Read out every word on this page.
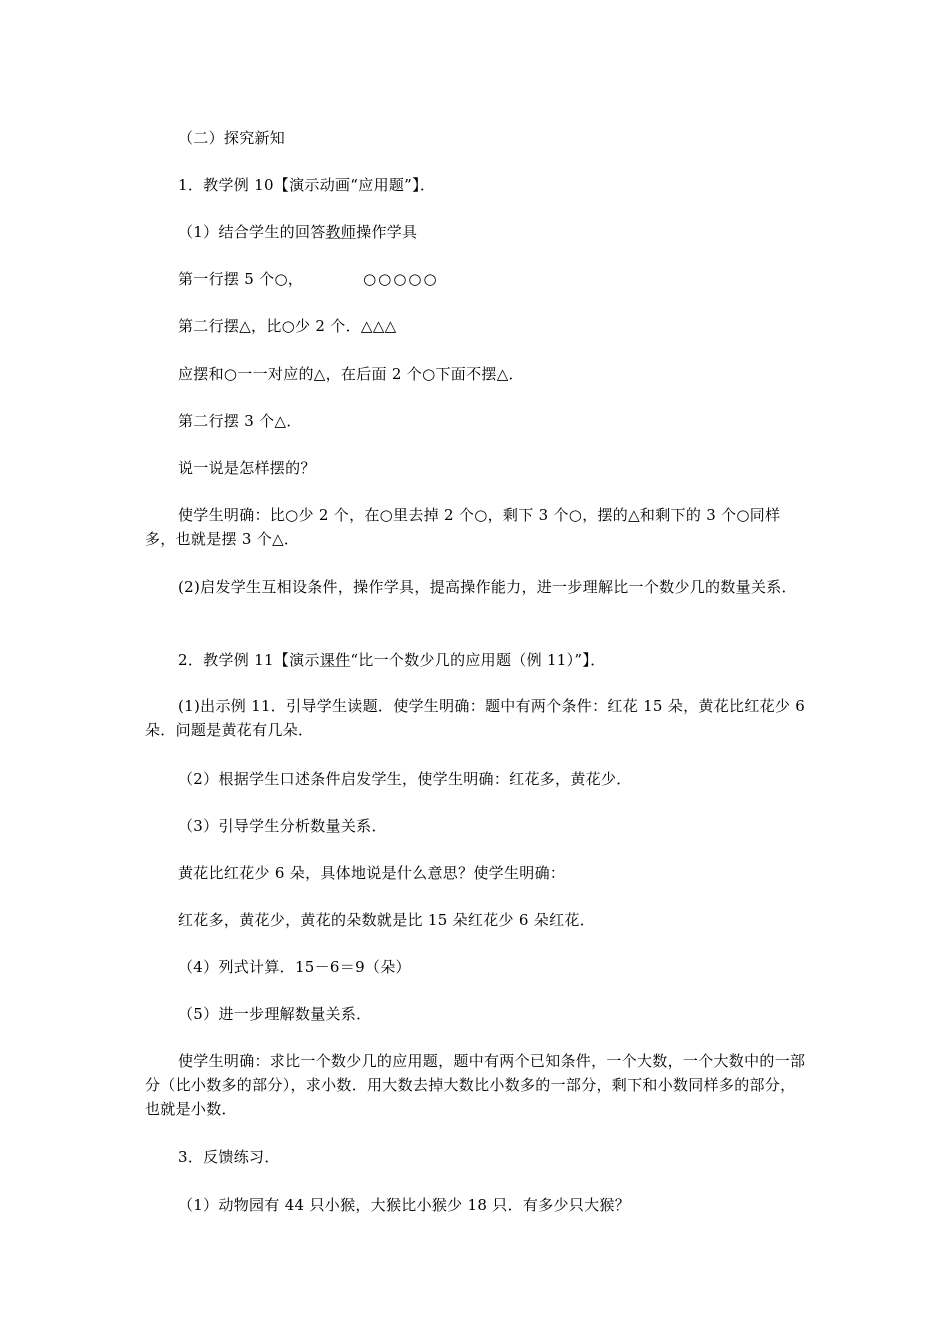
（二）探究新知
1．教学例 10【演示动画“应用题”】．
（1）结合学生的回答教师操作学具
第一行摆 5 个○，	○○○○○
第二行摆△，比○少 2 个．△△△
应摆和○一一对应的△，在后面 2 个○下面不摆△．
第二行摆 3 个△．
说一说是怎样摆的？
使学生明确：比○少 2 个，在○里去掉 2 个○，剩下 3 个○，摆的△和剩下的 3 个○同样多，也就是摆 3 个△．
(2)启发学生互相设条件，操作学具，提高操作能力，进一步理解比一个数少几的数量关系．
2．教学例 11【演示课件“比一个数少几的应用题（例 11）”】．
(1)出示例 11．引导学生读题．使学生明确：题中有两个条件：红花 15 朵，黄花比红花少 6 朵．问题是黄花有几朵．
（2）根据学生口述条件启发学生，使学生明确：红花多，黄花少．
（3）引导学生分析数量关系．
黄花比红花少 6 朵，具体地说是什么意思？使学生明确：
红花多，黄花少，黄花的朵数就是比 15 朵红花少 6 朵红花．
（4）列式计算．15－6＝9（朵）
（5）进一步理解数量关系．
使学生明确：求比一个数少几的应用题，题中有两个已知条件，一个大数，一个大数中的一部分（比小数多的部分），求小数．用大数去掉大数比小数多的一部分，剩下和小数同样多的部分，也就是小数．
3．反馈练习．
（1）动物园有 44 只小猴，大猴比小猴少 18 只．有多少只大猴？
